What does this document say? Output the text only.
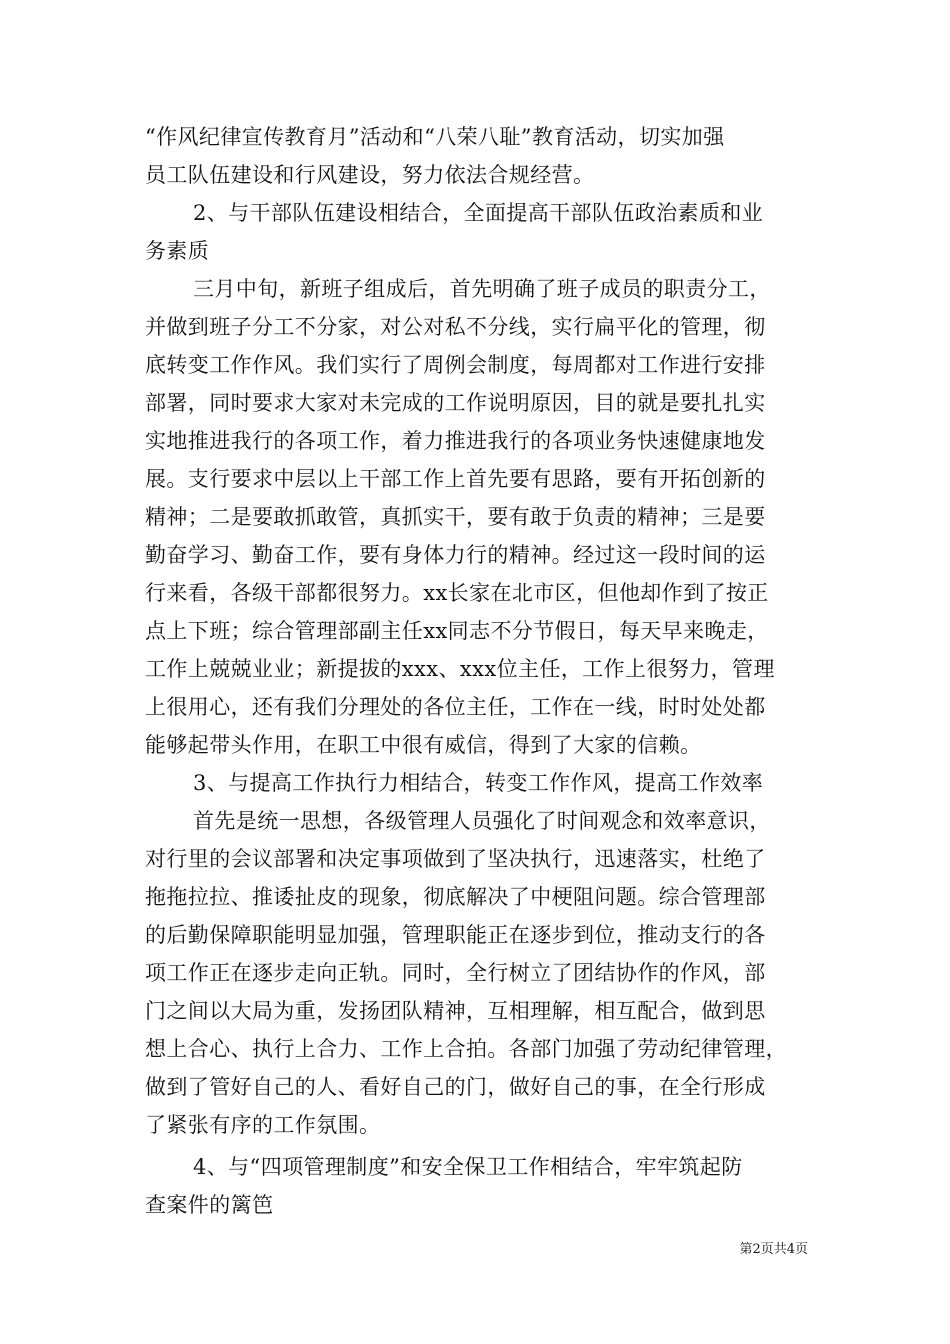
“作风纪律宣传教育月”活动和“八荣八耻”教育活动，切实加强
员工队伍建设和行风建设，努力依法合规经营。
2、与干部队伍建设相结合，全面提高干部队伍政治素质和业
务素质
三月中旬，新班子组成后，首先明确了班子成员的职责分工，
并做到班子分工不分家，对公对私不分线，实行扁平化的管理，彻
底转变工作作风。我们实行了周例会制度，每周都对工作进行安排
部署，同时要求大家对未完成的工作说明原因，目的就是要扎扎实
实地推进我行的各项工作，着力推进我行的各项业务快速健康地发
展。支行要求中层以上干部工作上首先要有思路，要有开拓创新的
精神；二是要敢抓敢管，真抓实干，要有敢于负责的精神；三是要
勤奋学习、勤奋工作，要有身体力行的精神。经过这一段时间的运
行来看，各级干部都很努力。xx长家在北市区，但他却作到了按正
点上下班；综合管理部副主任xx同志不分节假日，每天早来晚走，
工作上兢兢业业；新提拔的xxx、xxx位主任，工作上很努力，管理
上很用心，还有我们分理处的各位主任，工作在一线，时时处处都
能够起带头作用，在职工中很有威信，得到了大家的信赖。
3、与提高工作执行力相结合，转变工作作风，提高工作效率
首先是统一思想，各级管理人员强化了时间观念和效率意识，
对行里的会议部署和决定事项做到了坚决执行，迅速落实，杜绝了
拖拖拉拉、推诿扯皮的现象，彻底解决了中梗阻问题。综合管理部
的后勤保障职能明显加强，管理职能正在逐步到位，推动支行的各
项工作正在逐步走向正轨。同时，全行树立了团结协作的作风，部
门之间以大局为重，发扬团队精神，互相理解，相互配合，做到思
想上合心、执行上合力、工作上合拍。各部门加强了劳动纪律管理，
做到了管好自己的人、看好自己的门，做好自己的事，在全行形成
了紧张有序的工作氛围。
4、与“四项管理制度”和安全保卫工作相结合，牢牢筑起防
查案件的篱笆
第2页共4页
